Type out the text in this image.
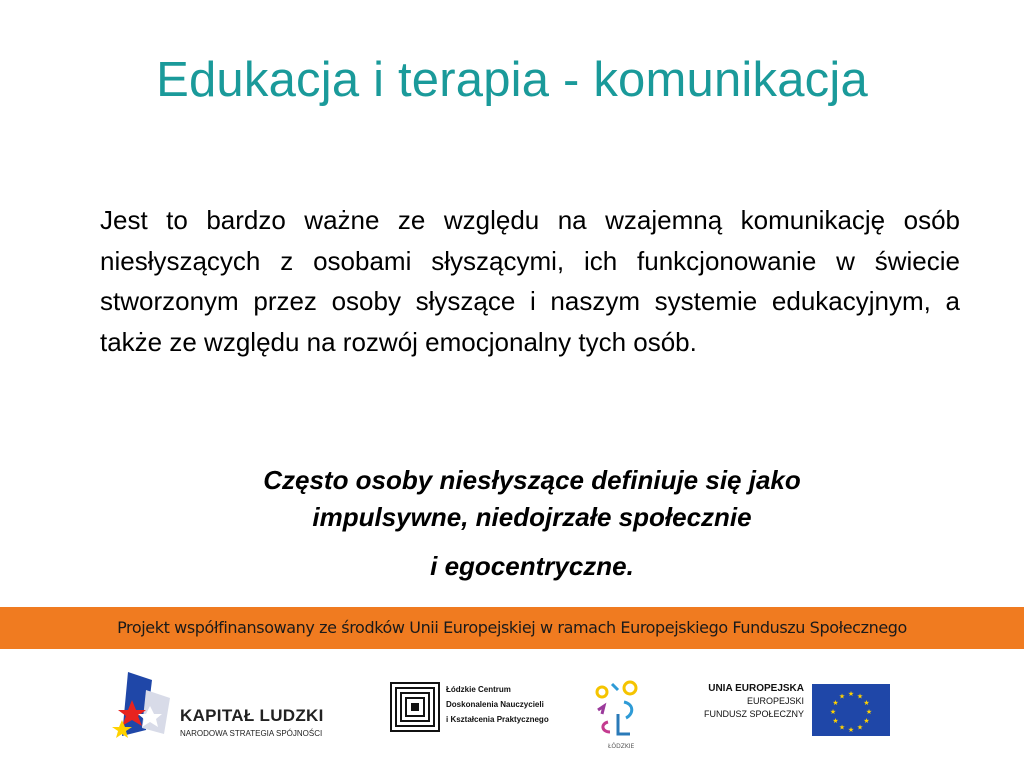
Edukacja i terapia - komunikacja

Jest to bardzo ważne ze względu na wzajemną komunikację osób niesłyszących z osobami słyszącymi, ich funkcjonowanie w świecie stworzonym przez osoby słyszące i naszym systemie edukacyjnym, a także ze względu na rozwój emocjonalny tych osób.

Często osoby niesłyszące definiuje się jako
impulsywne, niedojrzałe społecznie
i egocentryczne.

Projekt współfinansowany ze środków Unii Europejskiej w ramach Europejskiego Funduszu Społecznego
KAPITAŁ LUDZKI
NARODOWA STRATEGIA SPÓJNOŚCI
Łódzkie Centrum
Doskonalenia Nauczycieli
i Kształcenia Praktycznego
ŁÓDZKIE
UNIA EUROPEJSKA
EUROPEJSKI
FUNDUSZ SPOŁECZNY
★ ★
★
★
★
★
★
★
★
★
★
★
